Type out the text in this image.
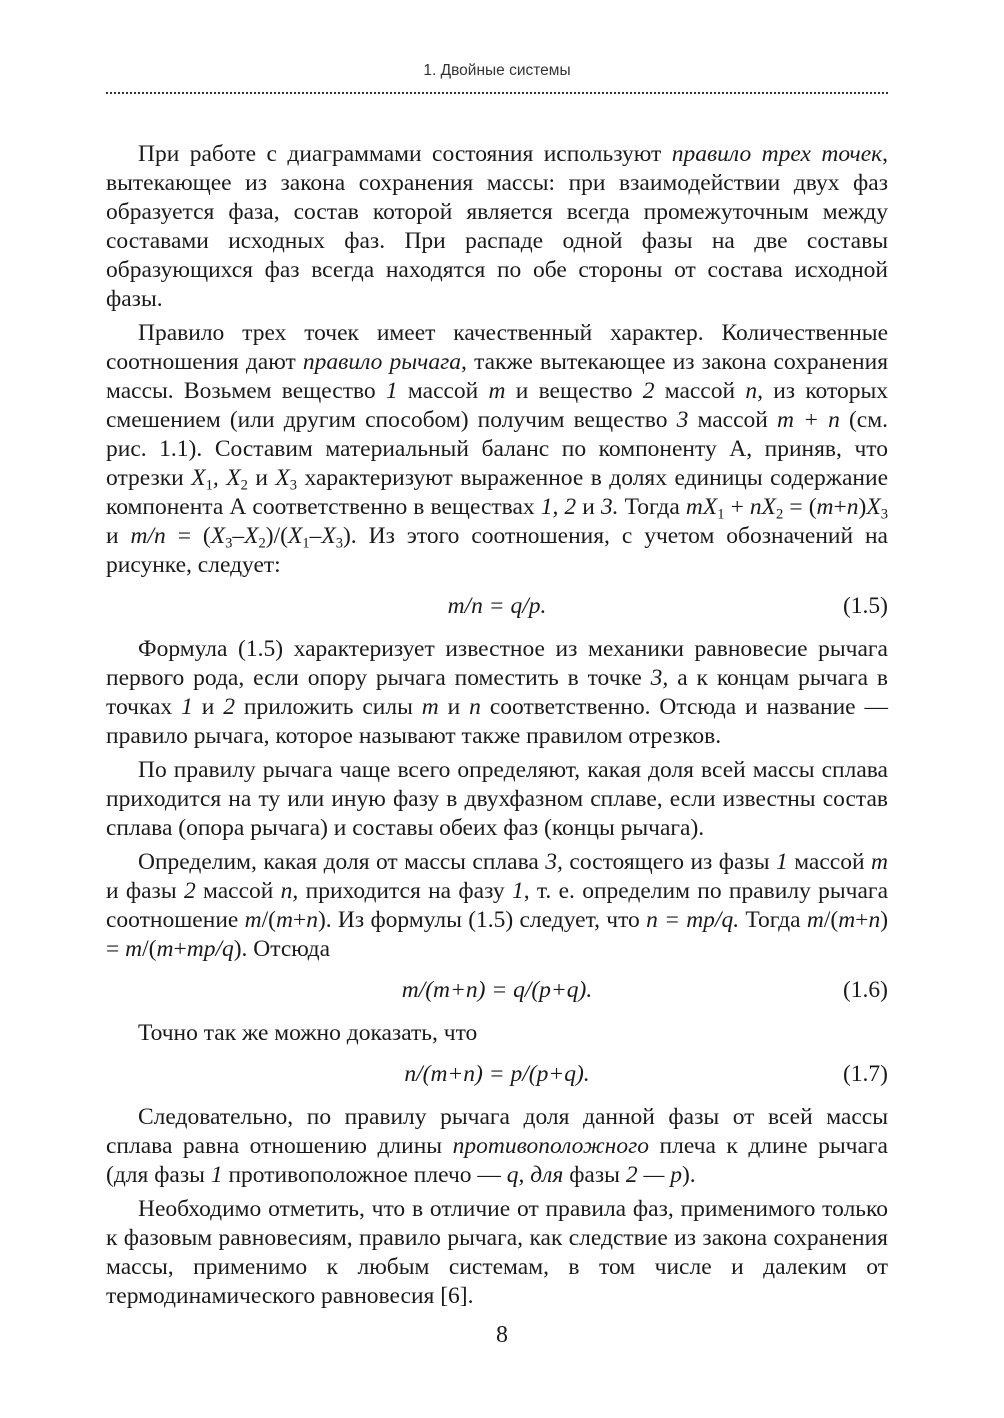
1. Двойные системы

При работе с диаграммами состояния используют правило трех точек, вытекающее из закона сохранения массы: при взаимодействии двух фаз образуется фаза, состав которой является всегда промежуточным между составами исходных фаз. При распаде одной фазы на две составы образующихся фаз всегда находятся по обе стороны от состава исходной фазы.

Правило трех точек имеет качественный характер. Количественные соотношения дают правило рычага, также вытекающее из закона сохранения массы. Возьмем вещество 1 массой m и вещество 2 массой n, из которых смешением (или другим способом) получим вещество 3 массой m + n (см. рис. 1.1). Составим материальный баланс по компоненту А, приняв, что отрезки $X_1$, $X_2$ и $X_3$ характеризуют выраженное в долях единицы содержание компонента А соответственно в веществах 1, 2 и 3. Тогда $mX_1 + nX_2 = (m+n)X_3$ и $m/n = (X_3-X_2)/(X_1-X_3)$. Из этого соотношения, с учетом обозначений на рисунке, следует:

m/n = q/p.	(1.5)

Формула (1.5) характеризует известное из механики равновесие рычага первого рода, если опору рычага поместить в точке 3, а к концам рычага в точках 1 и 2 приложить силы m и n соответственно. Отсюда и название — правило рычага, которое называют также правилом отрезков.

По правилу рычага чаще всего определяют, какая доля всей массы сплава приходится на ту или иную фазу в двухфазном сплаве, если известны состав сплава (опора рычага) и составы обеих фаз (концы рычага).

Определим, какая доля от массы сплава 3, состоящего из фазы 1 массой m и фазы 2 массой n, приходится на фазу 1, т. е. определим по правилу рычага соотношение m/(m+n). Из формулы (1.5) следует, что n = mp/q. Тогда m/(m+n) = m/(m+mp/q). Отсюда

m/(m+n) = q/(p+q).	(1.6)

Точно так же можно доказать, что

n/(m+n) = p/(p+q).	(1.7)

Следовательно, по правилу рычага доля данной фазы от всей массы сплава равна отношению длины противоположного плеча к длине рычага (для фазы 1 противоположное плечо — q, для фазы 2 — p).

Необходимо отметить, что в отличие от правила фаз, применимого только к фазовым равновесиям, правило рычага, как следствие из закона сохранения массы, применимо к любым системам, в том числе и далеким от термодинамического равновесия [6].

8
